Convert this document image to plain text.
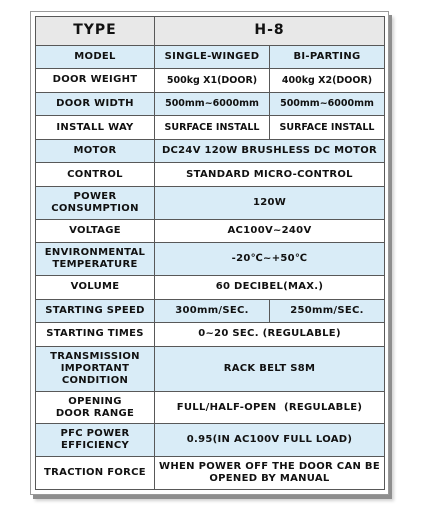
TYPE	H-8	
MODEL	SINGLE-WINGED	BI-PARTING
DOOR WEIGHT	500kg X1(DOOR)	400kg X2(DOOR)
DOOR WIDTH	500mm~6000mm	500mm~6000mm
INSTALL WAY	SURFACE INSTALL	SURFACE INSTALL
MOTOR	DC24V 120W BRUSHLESS DC MOTOR	
CONTROL	STANDARD MICRO-CONTROL	
POWER
CONSUMPTION	120W	
VOLTAGE	AC100V~240V	
ENVIRONMENTAL
TEMPERATURE	-20℃~+50℃	
VOLUME	60 DECIBEL(MAX.)	
STARTING SPEED	300mm/SEC.	250mm/SEC.
STARTING TIMES	0~20 SEC. (REGULABLE)	
TRANSMISSION
IMPORTANT
CONDITION	RACK BELT S8M	
OPENING
DOOR RANGE	FULL/HALF-OPEN  (REGULABLE)	
PFC POWER
EFFICIENCY	0.95(IN AC100V FULL LOAD)	
TRACTION FORCE	WHEN POWER OFF THE DOOR CAN BE
OPENED BY MANUAL	
